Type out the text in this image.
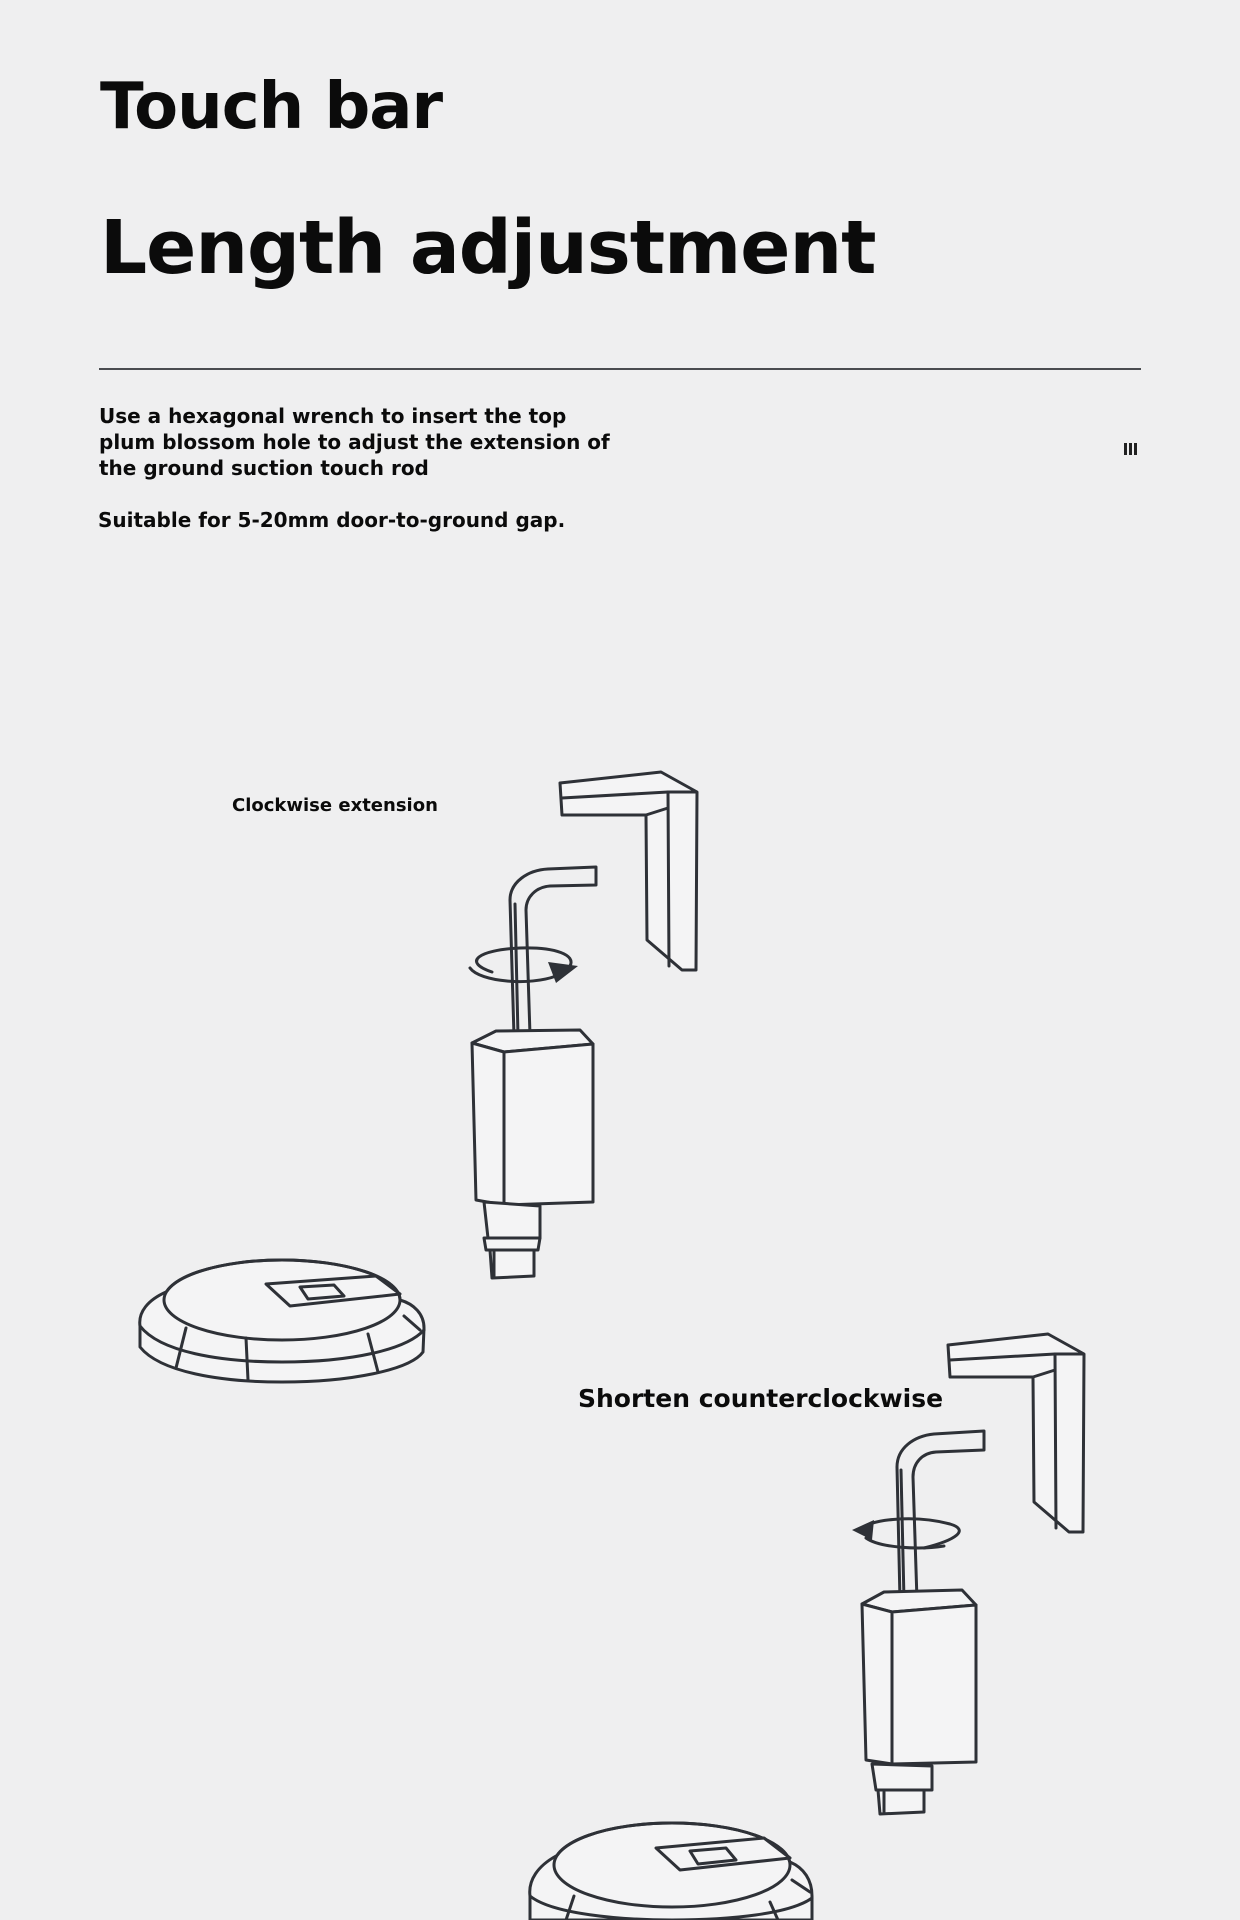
Touch bar
Length adjustment

Use a hexagonal wrench to insert the top plum blossom hole to adjust the extension of the ground suction touch rod

Suitable for 5-20mm door-to-ground gap.

Clockwise extension

Shorten counterclockwise
